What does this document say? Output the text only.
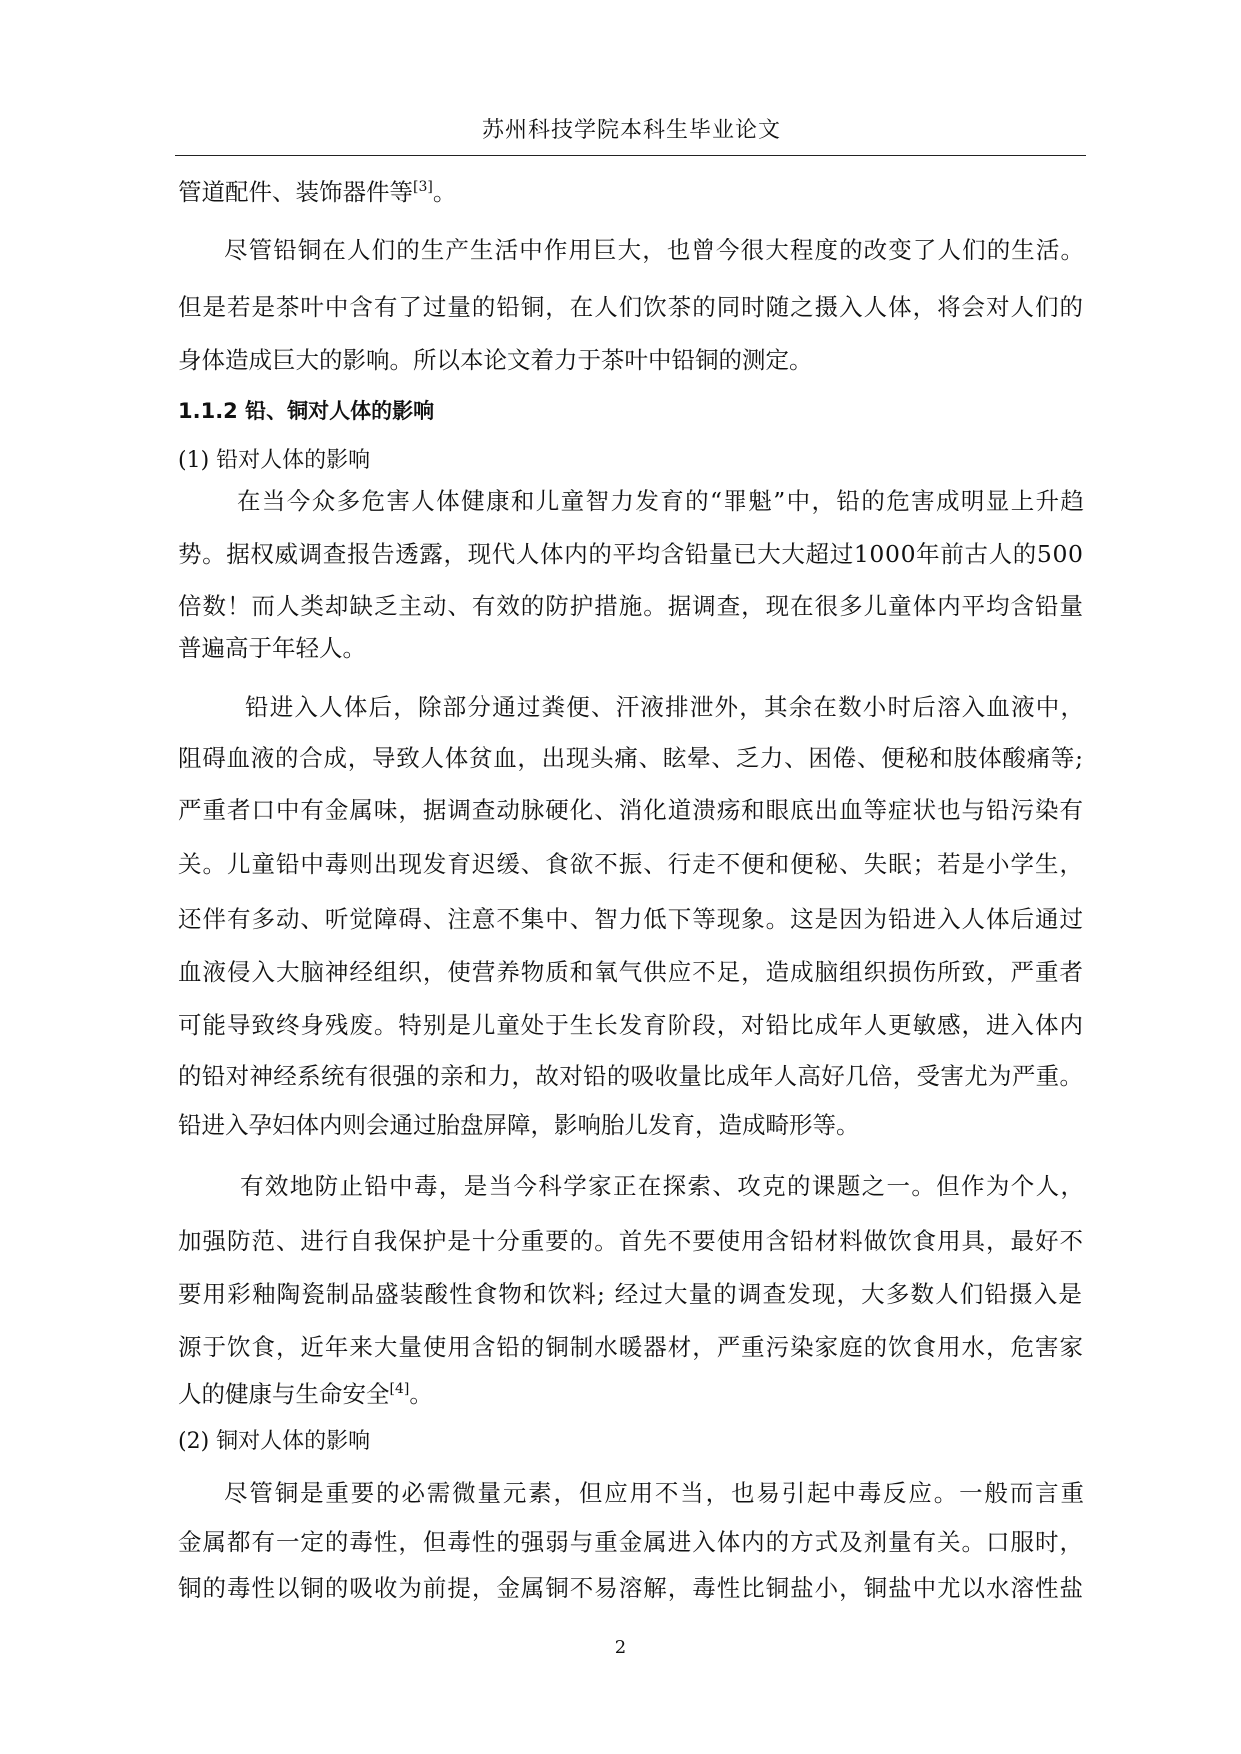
苏州科技学院本科生毕业论文
管道配件、装饰器件等[3]。
尽管铅铜在人们的生产生活中作用巨大，也曾今很大程度的改变了人们的生活。
但是若是茶叶中含有了过量的铅铜，在人们饮茶的同时随之摄入人体，将会对人们的
身体造成巨大的影响。所以本论文着力于茶叶中铅铜的测定。
1.1.2 铅、铜对人体的影响
(1) 铅对人体的影响
在当今众多危害人体健康和儿童智力发育的“罪魁”中，铅的危害成明显上升趋
势。据权威调查报告透露，现代人体内的平均含铅量已大大超过1000年前古人的500
倍数！而人类却缺乏主动、有效的防护措施。据调查，现在很多儿童体内平均含铅量
普遍高于年轻人。
铅进入人体后，除部分通过粪便、汗液排泄外，其余在数小时后溶入血液中，
阻碍血液的合成，导致人体贫血，出现头痛、眩晕、乏力、困倦、便秘和肢体酸痛等;
严重者口中有金属味，据调查动脉硬化、消化道溃疡和眼底出血等症状也与铅污染有
关。儿童铅中毒则出现发育迟缓、食欲不振、行走不便和便秘、失眠；若是小学生，
还伴有多动、听觉障碍、注意不集中、智力低下等现象。这是因为铅进入人体后通过
血液侵入大脑神经组织，使营养物质和氧气供应不足，造成脑组织损伤所致，严重者
可能导致终身残废。特别是儿童处于生长发育阶段，对铅比成年人更敏感，进入体内
的铅对神经系统有很强的亲和力，故对铅的吸收量比成年人高好几倍，受害尤为严重。
铅进入孕妇体内则会通过胎盘屏障，影响胎儿发育，造成畸形等。
有效地防止铅中毒，是当今科学家正在探索、攻克的课题之一。但作为个人，
加强防范、进行自我保护是十分重要的。首先不要使用含铅材料做饮食用具，最好不
要用彩釉陶瓷制品盛装酸性食物和饮料; 经过大量的调查发现，大多数人们铅摄入是
源于饮食，近年来大量使用含铅的铜制水暖器材，严重污染家庭的饮食用水，危害家
人的健康与生命安全[4]。
(2) 铜对人体的影响
尽管铜是重要的必需微量元素，但应用不当，也易引起中毒反应。一般而言重
金属都有一定的毒性，但毒性的强弱与重金属进入体内的方式及剂量有关。口服时，
铜的毒性以铜的吸收为前提，金属铜不易溶解，毒性比铜盐小，铜盐中尤以水溶性盐
2
